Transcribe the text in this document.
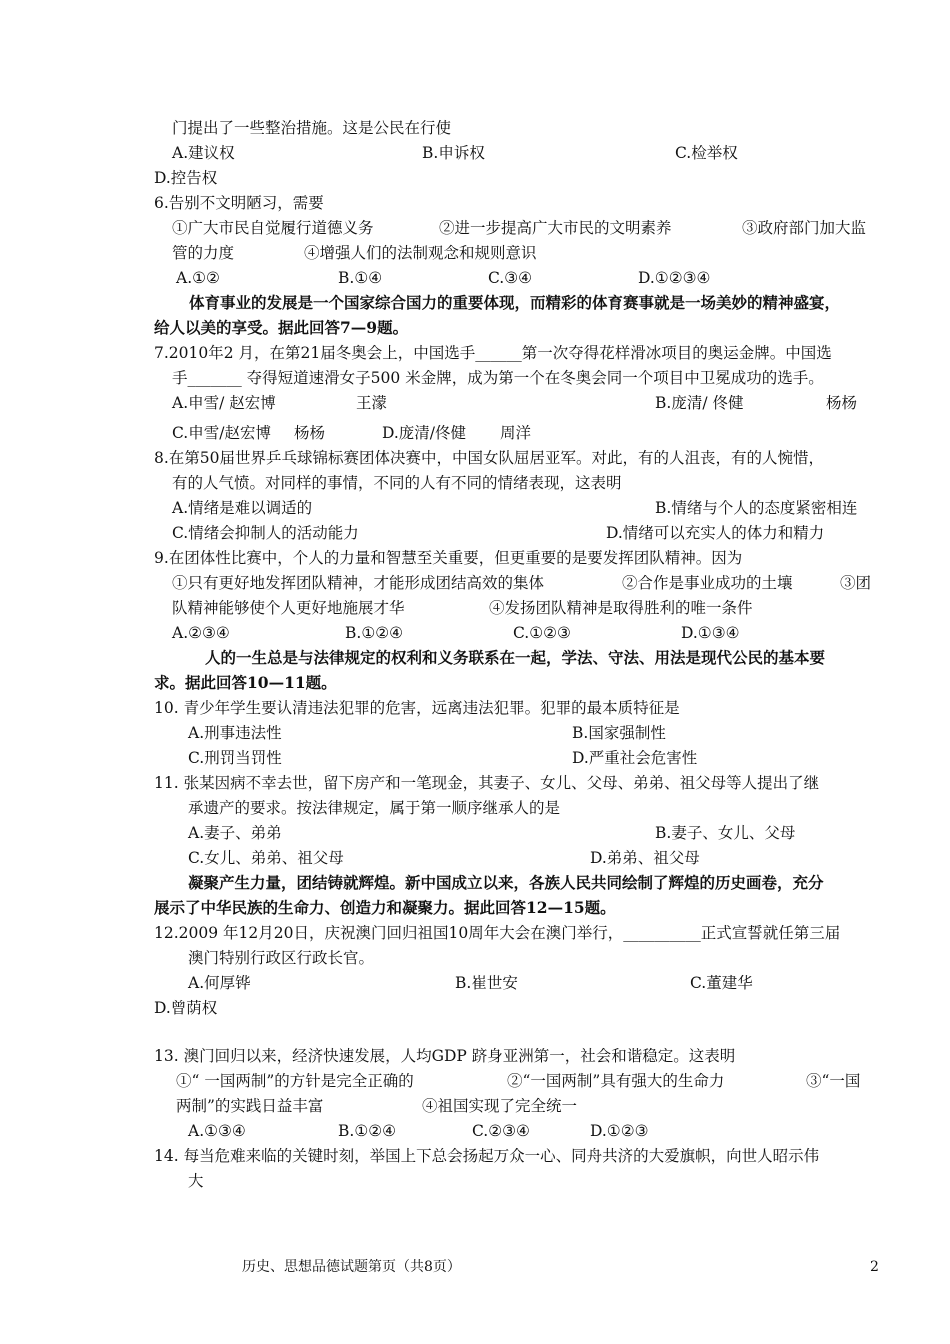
门提出了一些整治措施。这是公民在行使
A.建议权	B.申诉权	C.检举权
D.控告权
6.告别不文明陋习，需要
①广大市民自觉履行道德义务	②进一步提高广大市民的文明素养	③政府部门加大监
管的力度	④增强人们的法制观念和规则意识
A.①②	B.①④	C.③④	D.①②③④
体育事业的发展是一个国家综合国力的重要体现，而精彩的体育赛事就是一场美妙的精神盛宴，
给人以美的享受。据此回答7—9题。
7.2010年2 月，在第21届冬奥会上，中国选手______第一次夺得花样滑冰项目的奥运金牌。中国选
手_______ 夺得短道速滑女子500 米金牌，成为第一个在冬奥会同一个项目中卫冕成功的选手。
A.申雪/ 赵宏博	王濛	B.庞清/ 佟健	杨杨
C.申雪/赵宏博 杨杨	D.庞清/佟健 周洋
8.在第50届世界乒乓球锦标赛团体决赛中，中国女队屈居亚军。对此，有的人沮丧，有的人惋惜，
有的人气愤。对同样的事情，不同的人有不同的情绪表现，这表明
A.情绪是难以调适的	B.情绪与个人的态度紧密相连
C.情绪会抑制人的活动能力	D.情绪可以充实人的体力和精力
9.在团体性比赛中，个人的力量和智慧至关重要，但更重要的是要发挥团队精神。因为
①只有更好地发挥团队精神，才能形成团结高效的集体	②合作是事业成功的土壤	③团
队精神能够使个人更好地施展才华	④发扬团队精神是取得胜利的唯一条件
A.②③④	B.①②④	C.①②③	D.①③④
人的一生总是与法律规定的权利和义务联系在一起，学法、守法、用法是现代公民的基本要
求。据此回答10—11题。
10. 青少年学生要认清违法犯罪的危害，远离违法犯罪。犯罪的最本质特征是
A.刑事违法性	B.国家强制性
C.刑罚当罚性	D.严重社会危害性
11. 张某因病不幸去世，留下房产和一笔现金，其妻子、女儿、父母、弟弟、祖父母等人提出了继
承遗产的要求。按法律规定，属于第一顺序继承人的是
A.妻子、弟弟	B.妻子、女儿、父母
C.女儿、弟弟、祖父母	D.弟弟、祖父母
凝聚产生力量，团结铸就辉煌。新中国成立以来，各族人民共同绘制了辉煌的历史画卷，充分
展示了中华民族的生命力、创造力和凝聚力。据此回答12—15题。
12.2009 年12月20日，庆祝澳门回归祖国10周年大会在澳门举行，__________正式宣誓就任第三届
澳门特别行政区行政长官。
A.何厚铧	B.崔世安	C.董建华
D.曾荫权
13. 澳门回归以来，经济快速发展，人均GDP 跻身亚洲第一，社会和谐稳定。这表明
①“ 一国两制”的方针是完全正确的	②“一国两制”具有强大的生命力	③“一国
两制”的实践日益丰富	④祖国实现了完全统一
A.①③④	B.①②④	C.②③④	D.①②③
14. 每当危难来临的关键时刻，举国上下总会扬起万众一心、同舟共济的大爱旗帜，向世人昭示伟
大
历史、思想品德试题第页（共8页）	2
